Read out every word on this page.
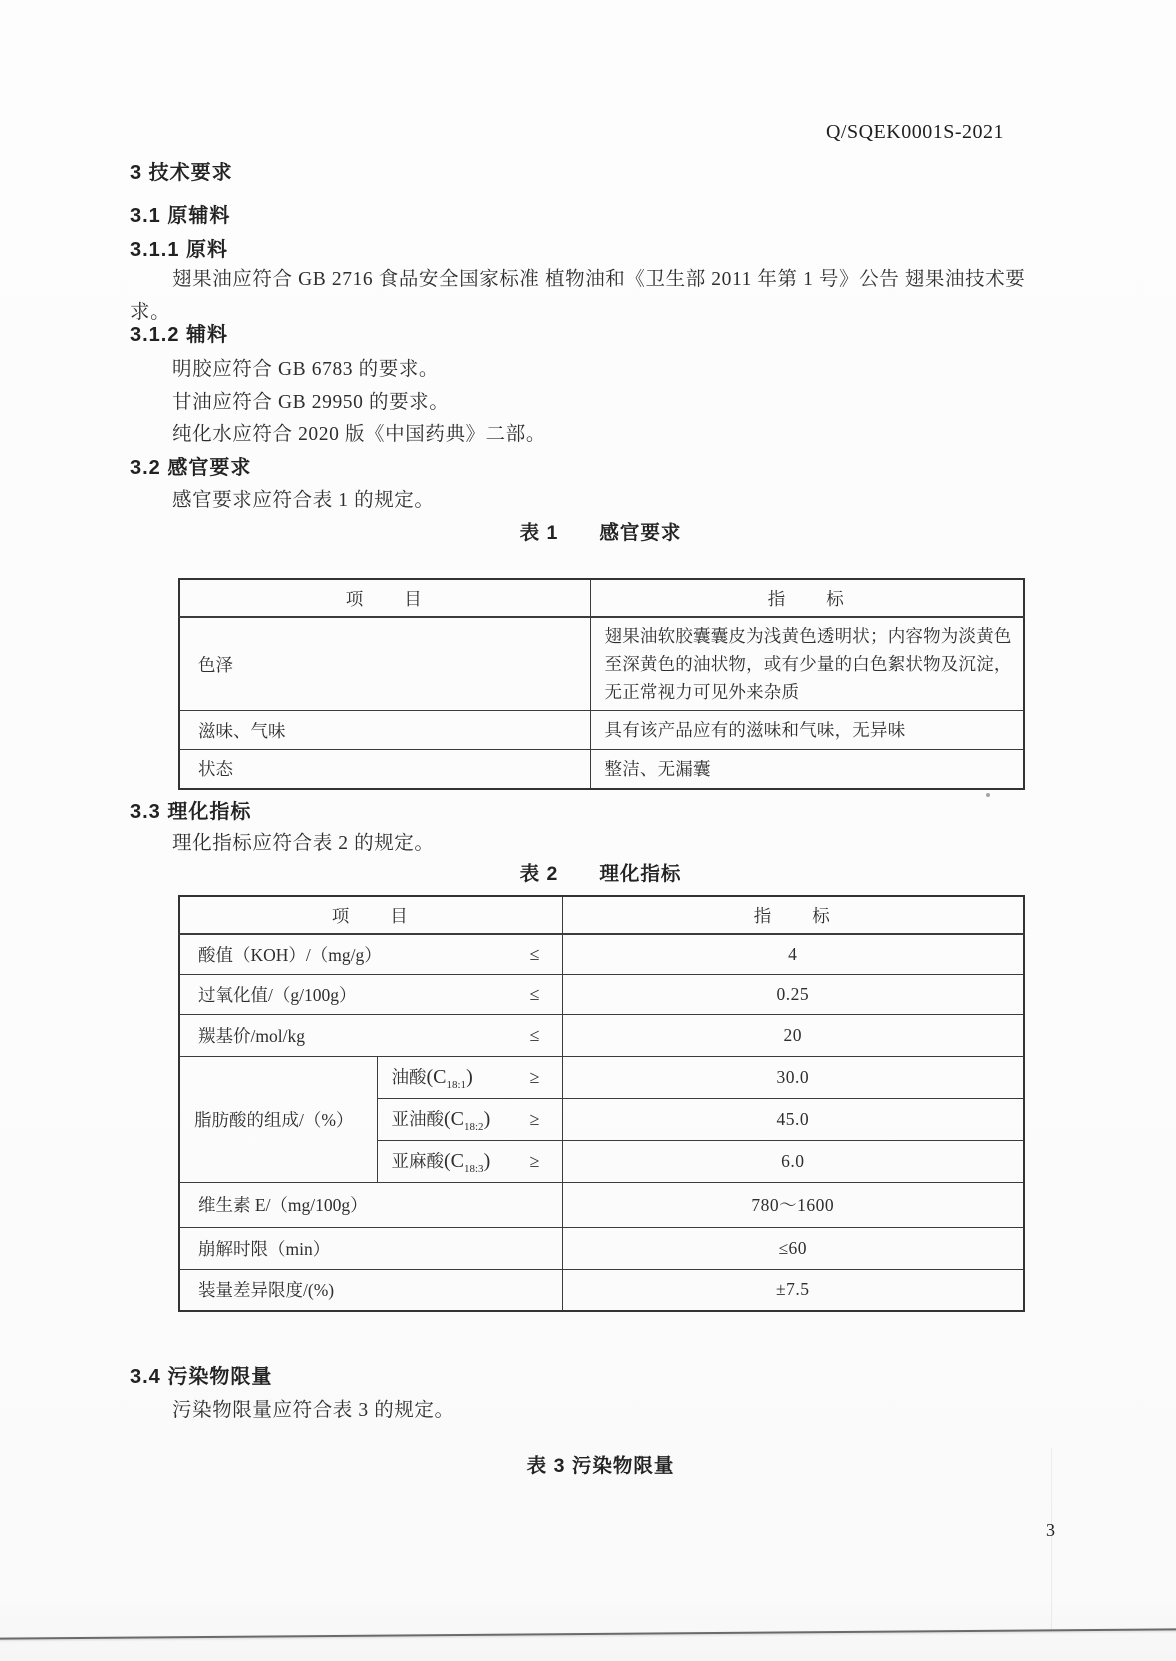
Q/SQEK0001S-2021
3 技术要求
3.1 原辅料
3.1.1 原料
翅果油应符合 GB 2716 食品安全国家标准 植物油和《卫生部 2011 年第 1 号》公告 翅果油技术要
求。
3.1.2 辅料
明胶应符合 GB 6783 的要求。
甘油应符合 GB 29950 的要求。
纯化水应符合 2020 版《中国药典》二部。
3.2 感官要求
感官要求应符合表 1 的规定。
表 1　　感官要求
项　　目	指　　标
色泽	翅果油软胶囊囊皮为浅黄色透明状；内容物为淡黄色至深黄色的油状物，或有少量的白色絮状物及沉淀，无正常视力可见外来杂质
滋味、气味	具有该产品应有的滋味和气味，无异味
状态	整洁、无漏囊
3.3 理化指标
理化指标应符合表 2 的规定。
表 2　　理化指标
项　　目		指　　标

酸值（KOH）/（mg/g） ≤		4

过氧化值/（g/100g） ≤		0.25

羰基价/mol/kg ≤		20
脂肪酸的组成/（%）	油酸$(C_{18:1})$ ≥	30.0

	亚油酸$(C_{18:2})$ ≥	45.0

	亚麻酸$(C_{18:3})$ ≥	6.0
维生素 E/（mg/100g）		780～1600
崩解时限（min）		≤60
装量差异限度/(%)		±7.5
3.4 污染物限量
污染物限量应符合表 3 的规定。
表 3 污染物限量
3
